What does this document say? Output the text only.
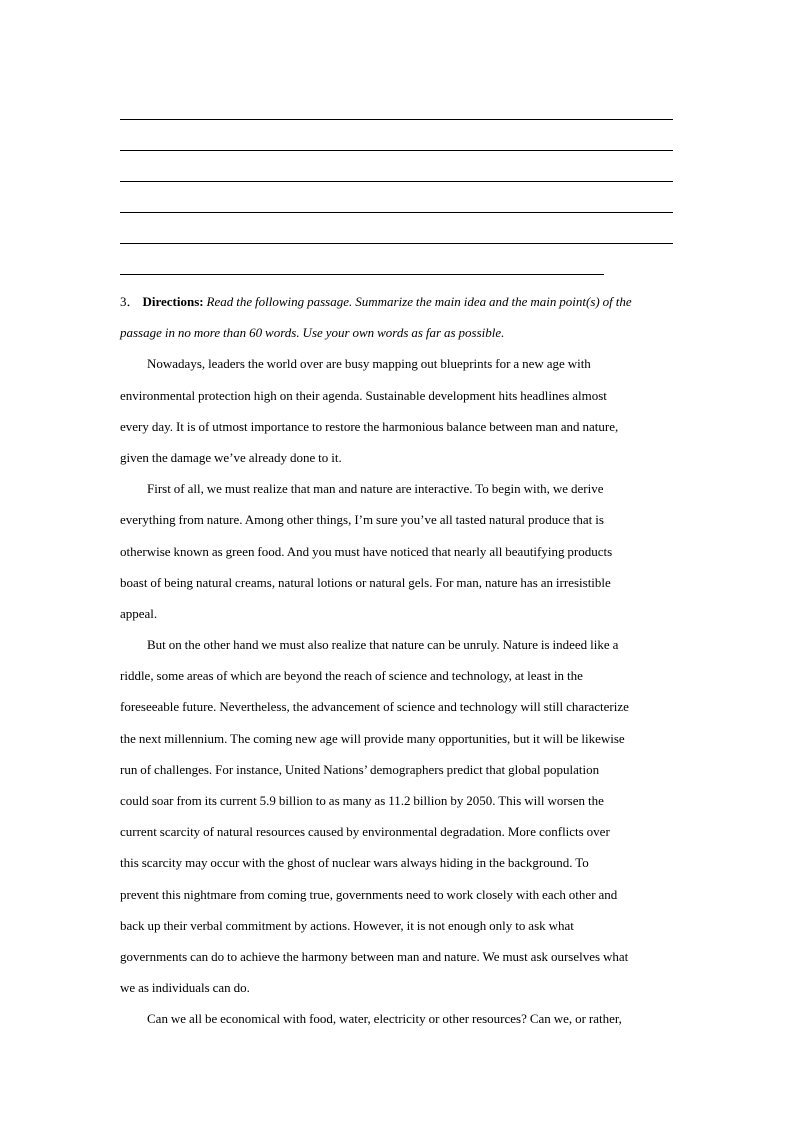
3． Directions: Read the following passage. Summarize the main idea and the main point(s) of the
passage in no more than 60 words. Use your own words as far as possible.
Nowadays, leaders the world over are busy mapping out blueprints for a new age with
environmental protection high on their agenda. Sustainable development hits headlines almost
every day. It is of utmost importance to restore the harmonious balance between man and nature,
given the damage we’ve already done to it.
First of all, we must realize that man and nature are interactive. To begin with, we derive
everything from nature. Among other things, I’m sure you’ve all tasted natural produce that is
otherwise known as green food. And you must have noticed that nearly all beautifying products
boast of being natural creams, natural lotions or natural gels. For man, nature has an irresistible
appeal.
But on the other hand we must also realize that nature can be unruly. Nature is indeed like a
riddle, some areas of which are beyond the reach of science and technology, at least in the
foreseeable future. Nevertheless, the advancement of science and technology will still characterize
the next millennium. The coming new age will provide many opportunities, but it will be likewise
run of challenges. For instance, United Nations’ demographers predict that global population
could soar from its current 5.9 billion to as many as 11.2 billion by 2050. This will worsen the
current scarcity of natural resources caused by environmental degradation. More conflicts over
this scarcity may occur with the ghost of nuclear wars always hiding in the background. To
prevent this nightmare from coming true, governments need to work closely with each other and
back up their verbal commitment by actions. However, it is not enough only to ask what
governments can do to achieve the harmony between man and nature. We must ask ourselves what
we as individuals can do.
Can we all be economical with food, water, electricity or other resources? Can we, or rather,
